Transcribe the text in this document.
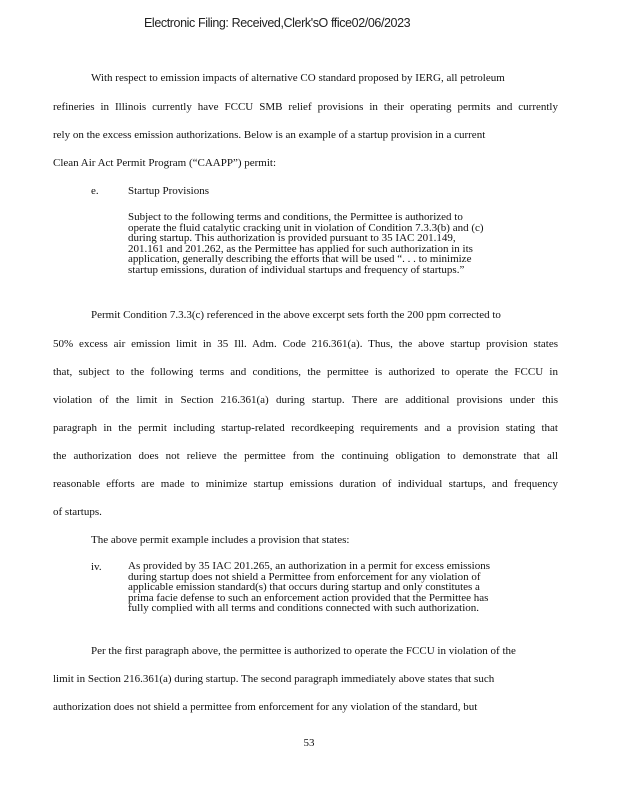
Electronic Filing: Received,Clerk'sO ffice02/06/2023
With respect to emission impacts of alternative CO standard proposed by IERG, all petroleum
refineries in Illinois currently have FCCU SMB relief provisions in their operating permits and currently
rely on the excess emission authorizations. Below is an example of a startup provision in a current
Clean Air Act Permit Program (“CAAPP”) permit:
e.	Startup Provisions
Subject to the following terms and conditions, the Permittee is authorized to
operate the fluid catalytic cracking unit in violation of Condition 7.3.3(b) and (c)
during startup. This authorization is provided pursuant to 35 IAC 201.149,
201.161 and 201.262, as the Permittee has applied for such authorization in its
application, generally describing the efforts that will be used “. . . to minimize
startup emissions, duration of individual startups and frequency of startups.”
Permit Condition 7.3.3(c) referenced in the above excerpt sets forth the 200 ppm corrected to
50% excess air emission limit in 35 Ill. Adm. Code 216.361(a). Thus, the above startup provision states
that, subject to the following terms and conditions, the permittee is authorized to operate the FCCU in
violation of the limit in Section 216.361(a) during startup. There are additional provisions under this
paragraph in the permit including startup-related recordkeeping requirements and a provision stating that
the authorization does not relieve the permittee from the continuing obligation to demonstrate that all
reasonable efforts are made to minimize startup emissions duration of individual startups, and frequency
of startups.
The above permit example includes a provision that states:
iv. As provided by 35 IAC 201.265, an authorization in a permit for excess emissions
during startup does not shield a Permittee from enforcement for any violation of
applicable emission standard(s) that occurs during startup and only constitutes a
prima facie defense to such an enforcement action provided that the Permittee has
fully complied with all terms and conditions connected with such authorization.
Per the first paragraph above, the permittee is authorized to operate the FCCU in violation of the
limit in Section 216.361(a) during startup. The second paragraph immediately above states that such
authorization does not shield a permittee from enforcement for any violation of the standard, but
53
